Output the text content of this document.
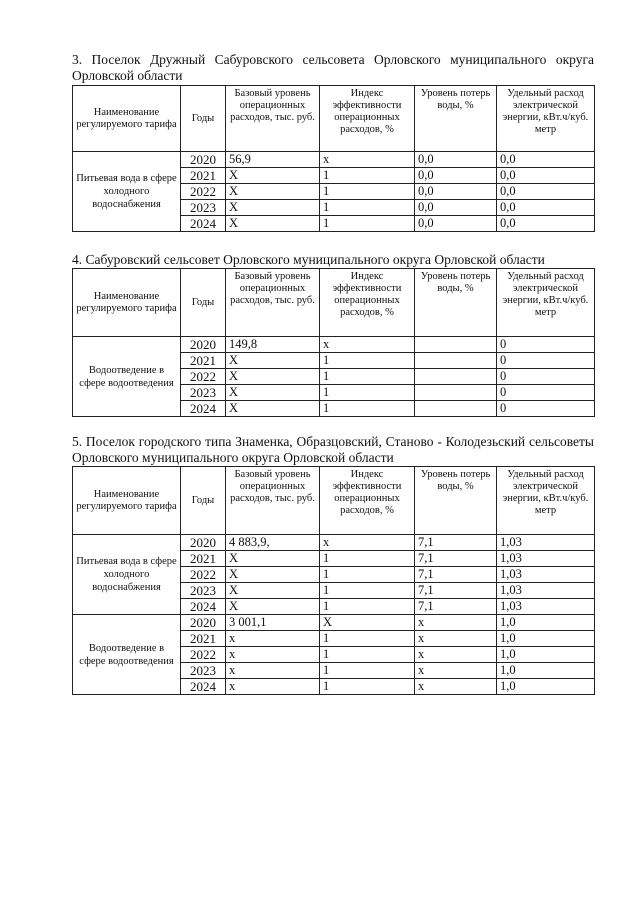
3. Поселок Дружный Сабуровского сельсовета Орловского муниципального округа Орловской области

Наименование регулируемого тарифа	Годы	Базовый уровень операционных расходов, тыс. руб.	Индекс эффективности операционных расходов, %	Уровень потерь воды, %	Удельный расход электрической энергии, кВт.ч/куб. метр
Питьевая вода в сфере холодного водоснабжения	2020	56,9	x	0,0	0,0
	2021	X	1	0,0	0,0
	2022	X	1	0,0	0,0
	2023	X	1	0,0	0,0
	2024	X	1	0,0	0,0

4. Сабуровский сельсовет Орловского муниципального округа Орловской области

Наименование регулируемого тарифа	Годы	Базовый уровень операционных расходов, тыс. руб.	Индекс эффективности операционных расходов, %	Уровень потерь воды, %	Удельный расход электрической энергии, кВт.ч/куб. метр
Водоотведение в сфере водоотведения	2020	149,8	x		0
	2021	X	1		0
	2022	X	1		0
	2023	X	1		0
	2024	X	1		0

5. Поселок городского типа Знаменка, Образцовский, Станово - Колодезьский сельсоветы Орловского муниципального округа Орловской области

Наименование регулируемого тарифа	Годы	Базовый уровень операционных расходов, тыс. руб.	Индекс эффективности операционных расходов, %	Уровень потерь воды, %	Удельный расход электрической энергии, кВт.ч/куб. метр
Питьевая вода в сфере холодного водоснабжения	2020	4 883,9,	x	7,1	1,03
	2021	X	1	7,1	1,03
	2022	X	1	7,1	1,03
	2023	X	1	7,1	1,03
	2024	X	1	7,1	1,03
Водоотведение в сфере водоотведения	2020	3 001,1	X	x	1,0
	2021	x	1	x	1,0
	2022	x	1	x	1,0
	2023	x	1	x	1,0
	2024	x	1	x	1,0
